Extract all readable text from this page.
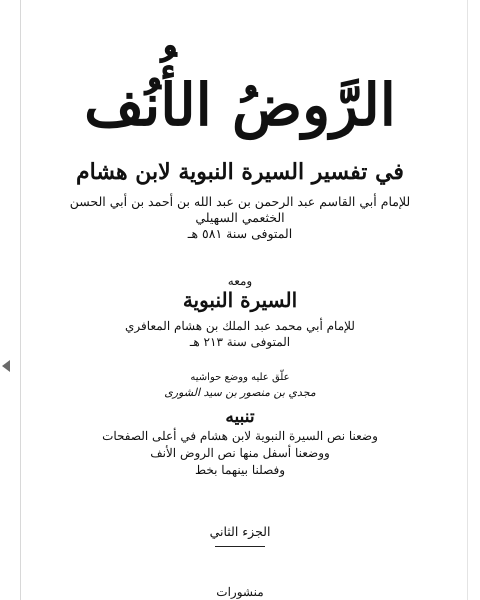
الرَّوضُ الأُنُف
في تفسير السيرة النبوية لابن هشام
للإمام أبي القاسم عبد الرحمن بن عبد الله بن أحمد بن أبي الحسن
الخثعمي السهيلي
المتوفى سنة ٥٨١ هـ
ومعه
السيرة النبوية
للإمام أبي محمد عبد الملك بن هشام المعافري
المتوفى سنة ٢١٣ هـ
علّق عليه ووضع حواشيه
مجدي بن منصور بن سيد الشورى
تنبيه
وضعنا نص السيرة النبوية لابن هشام في أعلى الصفحات
ووضعنا أسفل منها نص الروض الأنف
وفصلنا بينهما بخط
الجزء الثاني
منشورات
